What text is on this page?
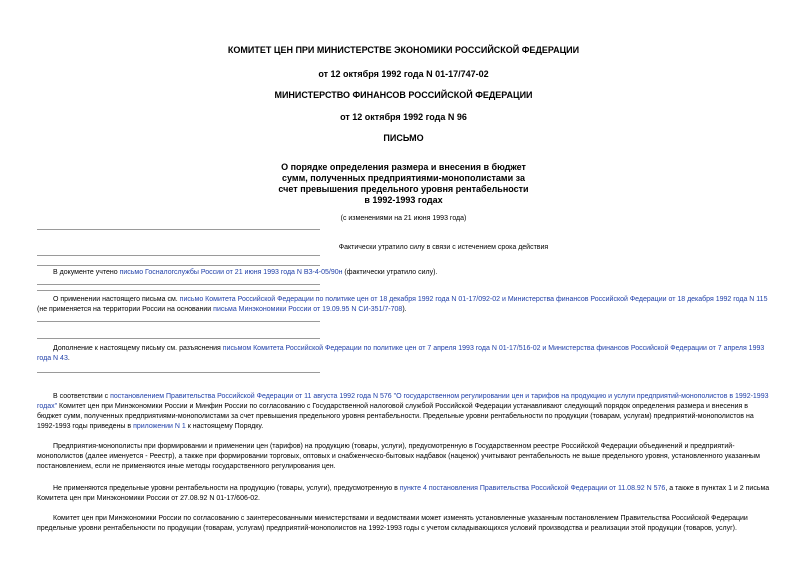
КОМИТЕТ ЦЕН ПРИ МИНИСТЕРСТВЕ ЭКОНОМИКИ РОССИЙСКОЙ ФЕДЕРАЦИИ
от 12 октября 1992 года N 01-17/747-02
МИНИСТЕРСТВО ФИНАНСОВ РОССИЙСКОЙ ФЕДЕРАЦИИ
от 12 октября 1992 года N 96
ПИСЬМО
О порядке определения размера и внесения в бюджет
сумм, полученных предприятиями-монополистами за
счет превышения предельного уровня рентабельности
в 1992-1993 годах
(с изменениями на 21 июня 1993 года)
Фактически утратило силу в связи с истечением срока действия

В документе учтено письмо Госналогслужбы России от 21 июня 1993 года N ВЗ-4-05/90н (фактически утратило силу).

О применении настоящего письма см. письмо Комитета Российской Федерации по политике цен от 18 декабря 1992 года N 01-17/092-02 и Министерства финансов Российской Федерации от 18 декабря 1992 года N 115 (не применяется на территории России на основании письма Минэкономики России от 19.09.95 N СИ-351/7-708).

Дополнение к настоящему письму см. разъяснения письмом Комитета Российской Федерации по политике цен от 7 апреля 1993 года N 01-17/516-02 и Министерства финансов Российской Федерации от 7 апреля 1993 года N 43.

В соответствии с постановлением Правительства Российской Федерации от 11 августа 1992 года N 576 "О государственном регулировании цен и тарифов на продукцию и услуги предприятий-монополистов в 1992-1993 годах" Комитет цен при Минэкономики России и Минфин России по согласованию с Государственной налоговой службой Российской Федерации устанавливают следующий порядок определения размера и внесения в бюджет сумм, полученных предприятиями-монополистами за счет превышения предельного уровня рентабельности. Предельные уровни рентабельности по продукции (товарам, услугам) предприятий-монополистов на 1992-1993 годы приведены в приложении N 1 к настоящему Порядку.

Предприятия-монополисты при формировании и применении цен (тарифов) на продукцию (товары, услуги), предусмотренную в Государственном реестре Российской Федерации объединений и предприятий-монополистов (далее именуется - Реестр), а также при формировании торговых, оптовых и снабженческо-бытовых надбавок (наценок) учитывают рентабельность не выше предельного уровня, установленного указанным постановлением, если не применяются иные методы государственного регулирования цен.

Не применяются предельные уровни рентабельности на продукцию (товары, услуги), предусмотренную в пункте 4 постановления Правительства Российской Федерации от 11.08.92 N 576, а также в пунктах 1 и 2 письма Комитета цен при Минэкономики России от 27.08.92 N 01-17/606-02.

Комитет цен при Минэкономики России по согласованию с заинтересованными министерствами и ведомствами может изменять установленные указанным постановлением Правительства Российской Федерации предельные уровни рентабельности по продукции (товарам, услугам) предприятий-монополистов на 1992-1993 годы с учетом складывающихся условий производства и реализации этой продукции (товаров, услуг).
